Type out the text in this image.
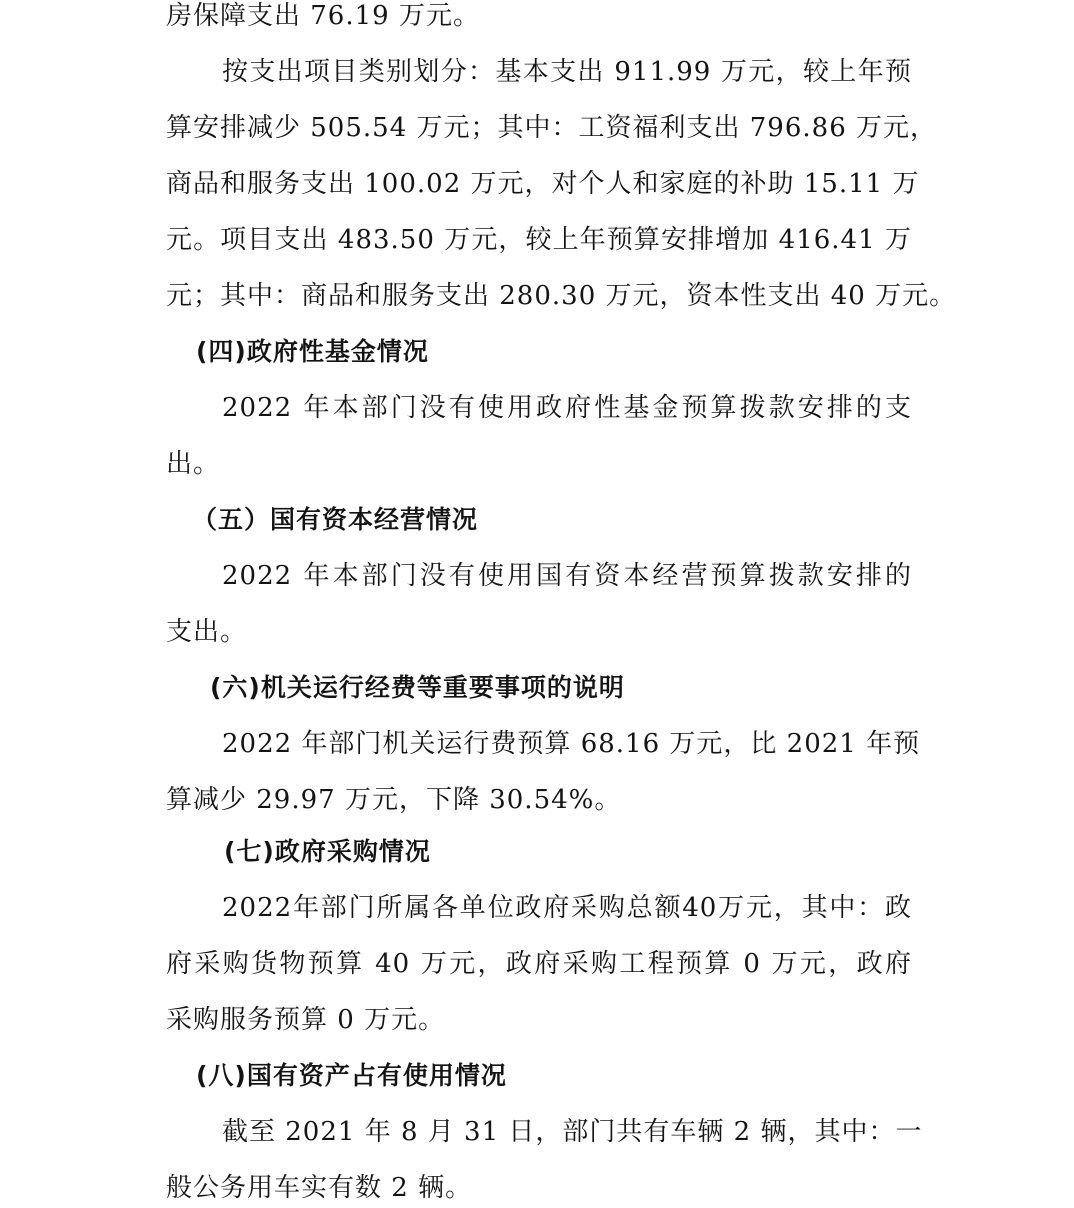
房保障支出 76.19 万元。
按支出项目类别划分：基本支出 911.99 万元，较上年预
算安排减少 505.54 万元；其中：工资福利支出 796.86 万元，
商品和服务支出 100.02 万元，对个人和家庭的补助 15.11 万
元。项目支出 483.50 万元，较上年预算安排增加 416.41 万
元；其中：商品和服务支出 280.30 万元，资本性支出 40 万元。
(四)政府性基金情况
2022 年本部门没有使用政府性基金预算拨款安排的支
出。
（五）国有资本经营情况
2022 年本部门没有使用国有资本经营预算拨款安排的
支出。
(六)机关运行经费等重要事项的说明
2022 年部门机关运行费预算 68.16 万元，比 2021 年预
算减少 29.97 万元，下降 30.54%。
(七)政府采购情况
2022年部门所属各单位政府采购总额40万元，其中：政
府采购货物预算 40 万元，政府采购工程预算 0 万元，政府
采购服务预算 0 万元。
(八)国有资产占有使用情况
截至 2021 年 8 月 31 日，部门共有车辆 2 辆，其中：一
般公务用车实有数 2 辆。
